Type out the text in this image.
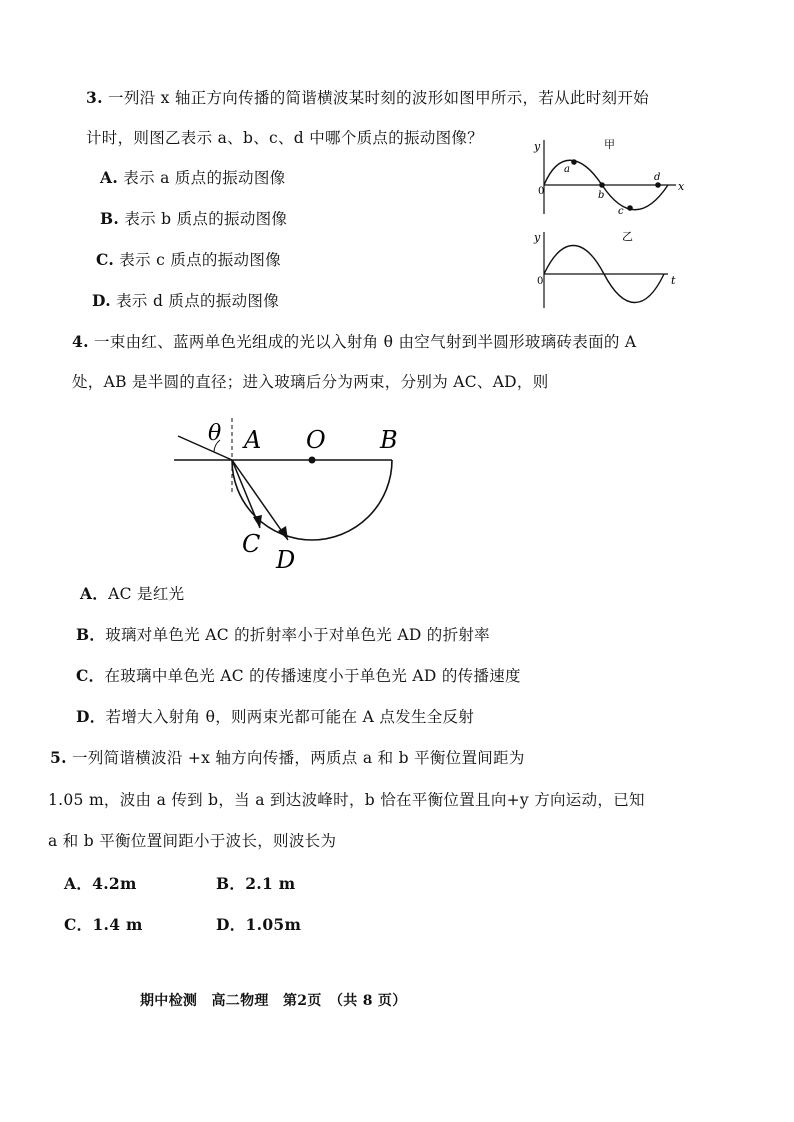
3. 一列沿 x 轴正方向传播的简谐横波某时刻的波形如图甲所示，若从此时刻开始
计时，则图乙表示 a、b、c、d 中哪个质点的振动图像？
A. 表示 a 质点的振动图像
B. 表示 b 质点的振动图像
C. 表示 c 质点的振动图像
D. 表示 d 质点的振动图像
y	甲
0	x
a
b
c
d
y	乙
0	t
4. 一束由红、蓝两单色光组成的光以入射角 θ 由空气射到半圆形玻璃砖表面的 A
处，AB 是半圆的直径；进入玻璃后分为两束，分别为 AC、AD，则
θ A O B
C
D
A．AC 是红光
B．玻璃对单色光 AC 的折射率小于对单色光 AD 的折射率
C．在玻璃中单色光 AC 的传播速度小于单色光 AD 的传播速度
D．若增大入射角 θ，则两束光都可能在 A 点发生全反射
5. 一列简谐横波沿 +x 轴方向传播，两质点 a 和 b 平衡位置间距为
1.05 m，波由 a 传到 b，当 a 到达波峰时，b 恰在平衡位置且向+y 方向运动，已知
a 和 b 平衡位置间距小于波长，则波长为
A．4.2m	B．2.1 m
C．1.4 m	D．1.05m
期中检测　高二物理　第2页　（共 8 页）
